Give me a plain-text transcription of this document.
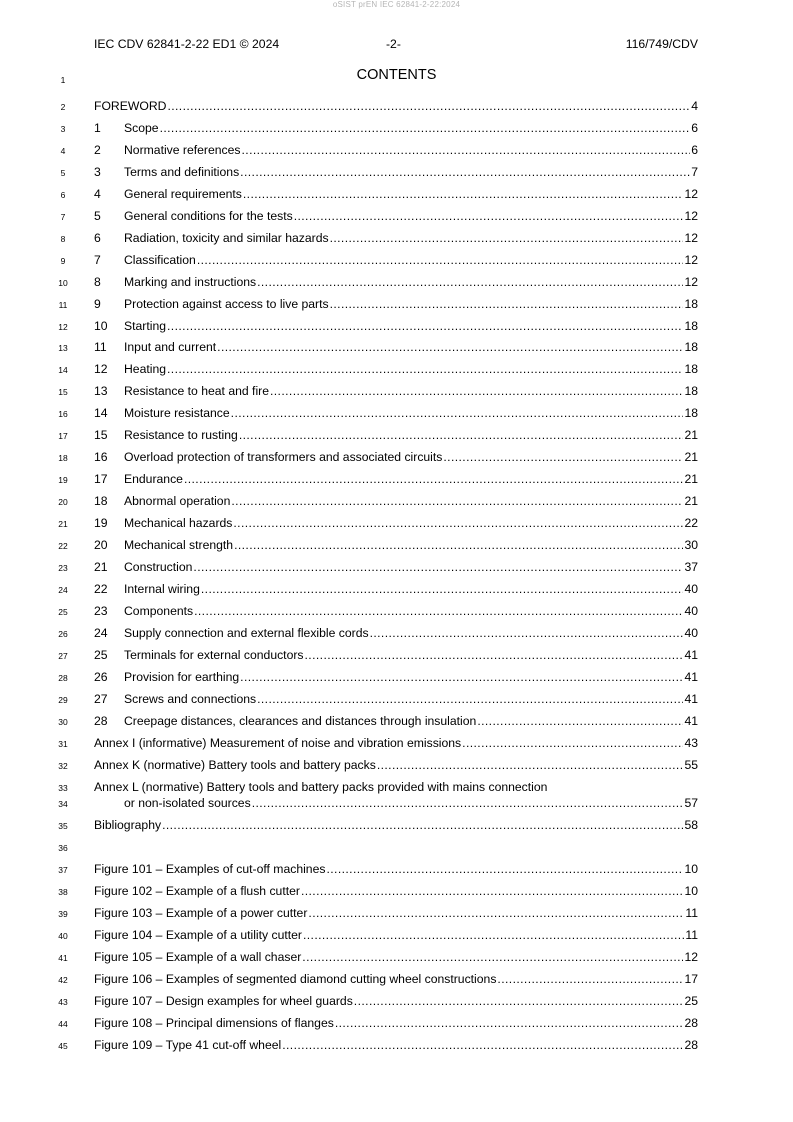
oSIST prEN IEC 62841-2-22:2024
IEC CDV 62841-2-22 ED1 © 2024	-2-	116/749/CDV
1	CONTENTS
2	FOREWORD .....	4
3	1	Scope .....	6
4	2	Normative references .....	6
5	3	Terms and definitions .....	7
6	4	General requirements .....	12
7	5	General conditions for the tests .....	12
8	6	Radiation, toxicity and similar hazards .....	12
9	7	Classification .....	12
10 8	Marking and instructions .....	12
11 9	Protection against access to live parts .....	18
12 10	Starting .....	18
13 11	Input and current .....	18
14 12	Heating .....	18
15 13	Resistance to heat and fire .....	18
16 14	Moisture resistance .....	18
17 15	Resistance to rusting .....	21
18 16	Overload protection of transformers and associated circuits .....	21
19 17	Endurance .....	21
20 18	Abnormal operation .....	21
21 19	Mechanical hazards .....	22
22 20	Mechanical strength .....	30
23 21	Construction .....	37
24 22	Internal wiring .....	40
25 23	Components .....	40
26 24	Supply connection and external flexible cords .....	40
27 25	Terminals for external conductors .....	41
28 26	Provision for earthing .....	41
29 27	Screws and connections .....	41
30 28	Creepage distances, clearances and distances through insulation .....	41
31 Annex I (informative) Measurement of noise and vibration emissions .....	43
32 Annex K (normative) Battery tools and battery packs .....	55
33
34
Annex L (normative) Battery tools and battery packs provided with mains connection
or non-isolated sources .....	57
35 Bibliography .....	58
36
37 Figure 101 – Examples of cut-off machines .....	10
38 Figure 102 – Example of a flush cutter .....	10
39 Figure 103 – Example of a power cutter .....	11
40 Figure 104 – Example of a utility cutter .....	11
41 Figure 105 – Example of a wall chaser .....	12
42 Figure 106 – Examples of segmented diamond cutting wheel constructions .....	17
43 Figure 107 – Design examples for wheel guards .....	25
44 Figure 108 – Principal dimensions of flanges .....	28
45 Figure 109 – Type 41 cut-off wheel .....	28
